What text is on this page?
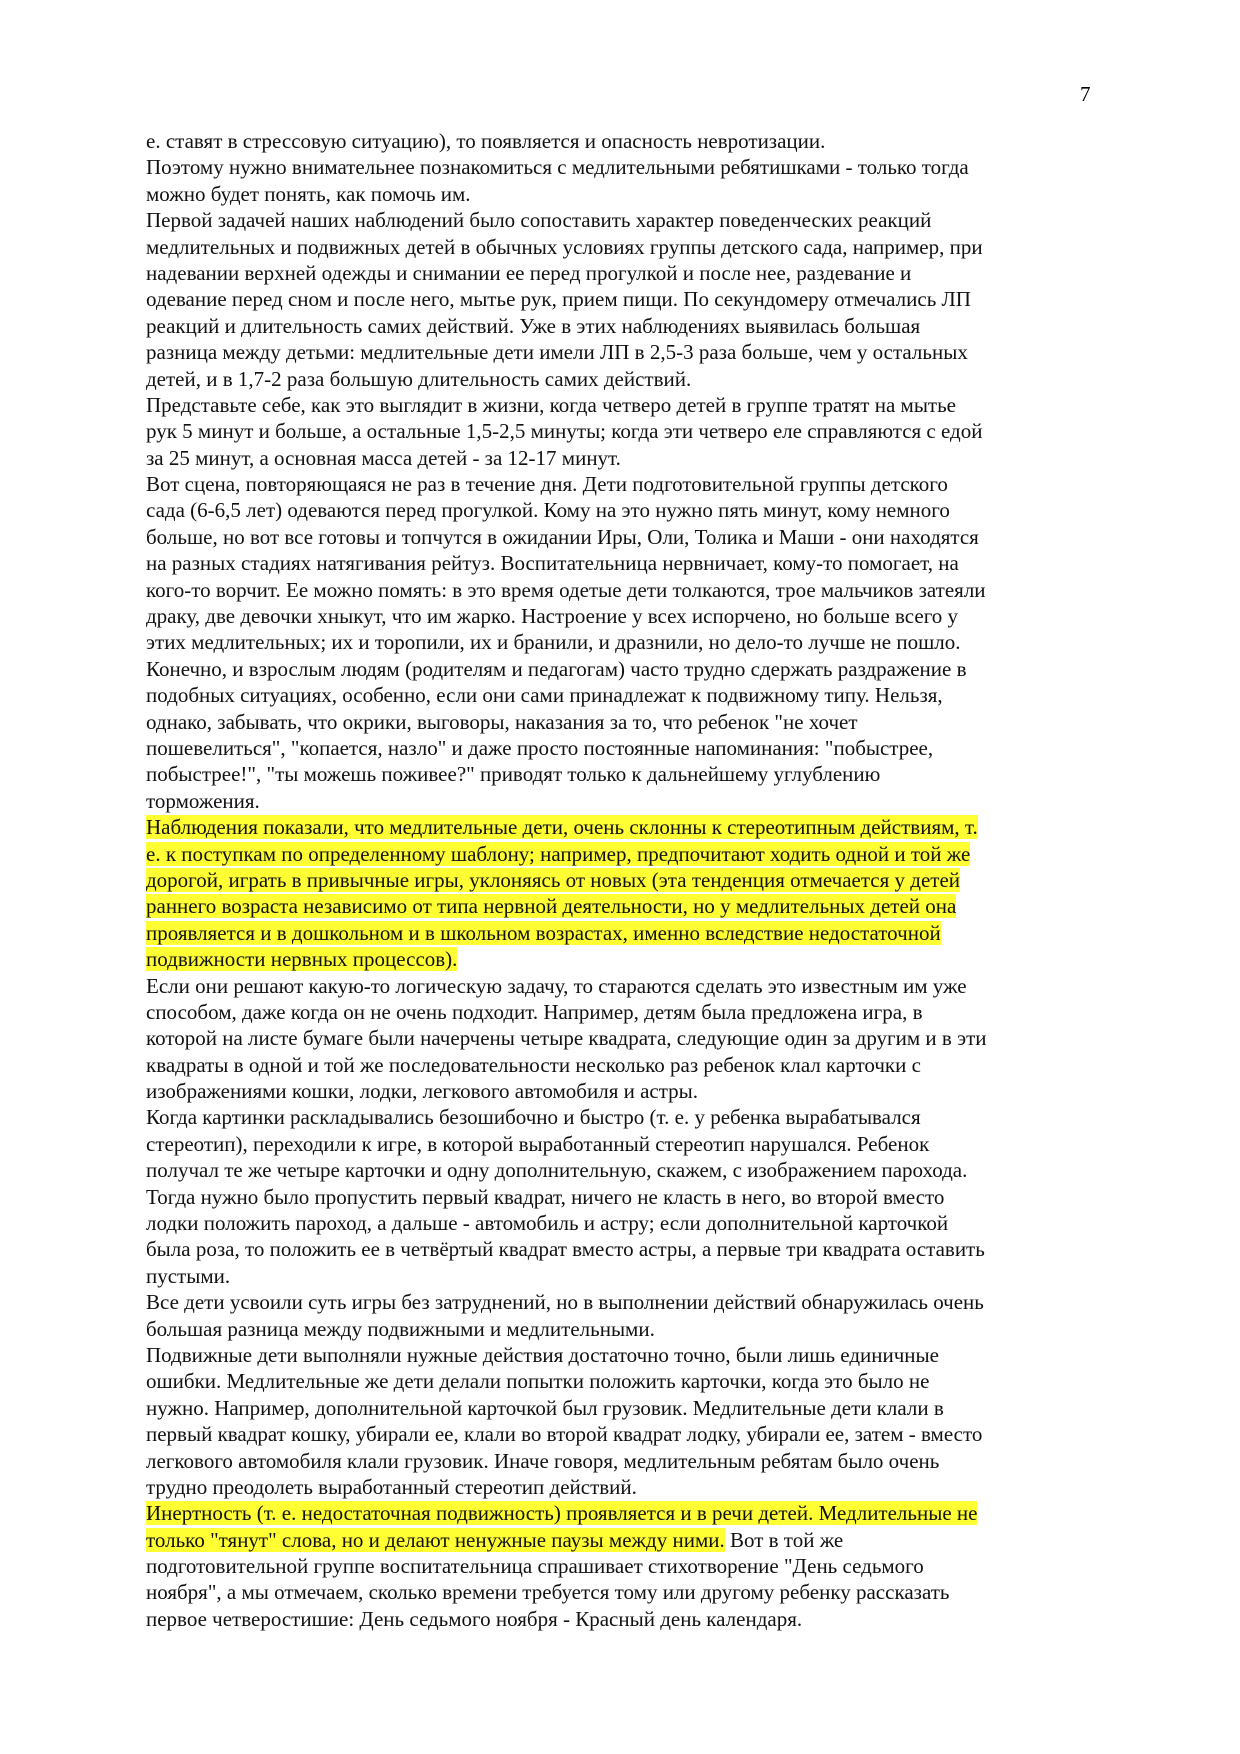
7
е. ставят в стрессовую ситуацию), то появляется и опасность невротизации.
Поэтому нужно внимательнее познакомиться с медлительными ребятишками - только тогда
можно будет понять, как помочь им.
Первой задачей наших наблюдений было сопоставить характер поведенческих реакций
медлительных и подвижных детей в обычных условиях группы детского сада, например, при
надевании верхней одежды и снимании ее перед прогулкой и после нее, раздевание и
одевание перед сном и после него, мытье рук, прием пищи. По секундомеру отмечались ЛП
реакций и длительность самих действий. Уже в этих наблюдениях выявилась большая
разница между детьми: медлительные дети имели ЛП в 2,5-3 раза больше, чем у остальных
детей, и в 1,7-2 раза большую длительность самих действий.
Представьте себе, как это выглядит в жизни, когда четверо детей в группе тратят на мытье
рук 5 минут и больше, а остальные 1,5-2,5 минуты; когда эти четверо еле справляются с едой
за 25 минут, а основная масса детей - за 12-17 минут.
Вот сцена, повторяющаяся не раз в течение дня. Дети подготовительной группы детского
сада (6-6,5 лет) одеваются перед прогулкой. Кому на это нужно пять минут, кому немного
больше, но вот все готовы и топчутся в ожидании Иры, Оли, Толика и Маши - они находятся
на разных стадиях натягивания рейтуз. Воспитательница нервничает, кому-то помогает, на
кого-то ворчит. Ее можно помять: в это время одетые дети толкаются, трое мальчиков затеяли
драку, две девочки хныкут, что им жарко. Настроение у всех испорчено, но больше всего у
этих медлительных; их и торопили, их и бранили, и дразнили, но дело-то лучше не пошло.
Конечно, и взрослым людям (родителям и педагогам) часто трудно сдержать раздражение в
подобных ситуациях, особенно, если они сами принадлежат к подвижному типу. Нельзя,
однако, забывать, что окрики, выговоры, наказания за то, что ребенок "не хочет
пошевелиться", "копается, назло" и даже просто постоянные напоминания: "побыстрее,
побыстрее!", "ты можешь поживее?" приводят только к дальнейшему углублению
торможения.
Наблюдения показали, что медлительные дети, очень склонны к стереотипным действиям, т.
е. к поступкам по определенному шаблону; например, предпочитают ходить одной и той же
дорогой, играть в привычные игры, уклоняясь от новых (эта тенденция отмечается у детей
раннего возраста независимо от типа нервной деятельности, но у медлительных детей она
проявляется и в дошкольном и в школьном возрастах, именно вследствие недостаточной
подвижности нервных процессов).
Если они решают какую-то логическую задачу, то стараются сделать это известным им уже
способом, даже когда он не очень подходит. Например, детям была предложена игра, в
которой на листе бумаге были начерчены четыре квадрата, следующие один за другим и в эти
квадраты в одной и той же последовательности несколько раз ребенок клал карточки с
изображениями кошки, лодки, легкового автомобиля и астры.
Когда картинки раскладывались безошибочно и быстро (т. е. у ребенка вырабатывался
стереотип), переходили к игре, в которой выработанный стереотип нарушался. Ребенок
получал те же четыре карточки и одну дополнительную, скажем, с изображением парохода.
Тогда нужно было пропустить первый квадрат, ничего не класть в него, во второй вместо
лодки положить пароход, а дальше - автомобиль и астру; если дополнительной карточкой
была роза, то положить ее в четвёртый квадрат вместо астры, а первые три квадрата оставить
пустыми.
Все дети усвоили суть игры без затруднений, но в выполнении действий обнаружилась очень
большая разница между подвижными и медлительными.
Подвижные дети выполняли нужные действия достаточно точно, были лишь единичные
ошибки. Медлительные же дети делали попытки положить карточки, когда это было не
нужно. Например, дополнительной карточкой был грузовик. Медлительные дети клали в
первый квадрат кошку, убирали ее, клали во второй квадрат лодку, убирали ее, затем - вместо
легкового автомобиля клали грузовик. Иначе говоря, медлительным ребятам было очень
трудно преодолеть выработанный стереотип действий.
Инертность (т. е. недостаточная подвижность) проявляется и в речи детей. Медлительные не
только "тянут" слова, но и делают ненужные паузы между ними. Вот в той же
подготовительной группе воспитательница спрашивает стихотворение "День седьмого
ноября", а мы отмечаем, сколько времени требуется тому или другому ребенку рассказать
первое четверостишие: День седьмого ноября - Красный день календаря.
